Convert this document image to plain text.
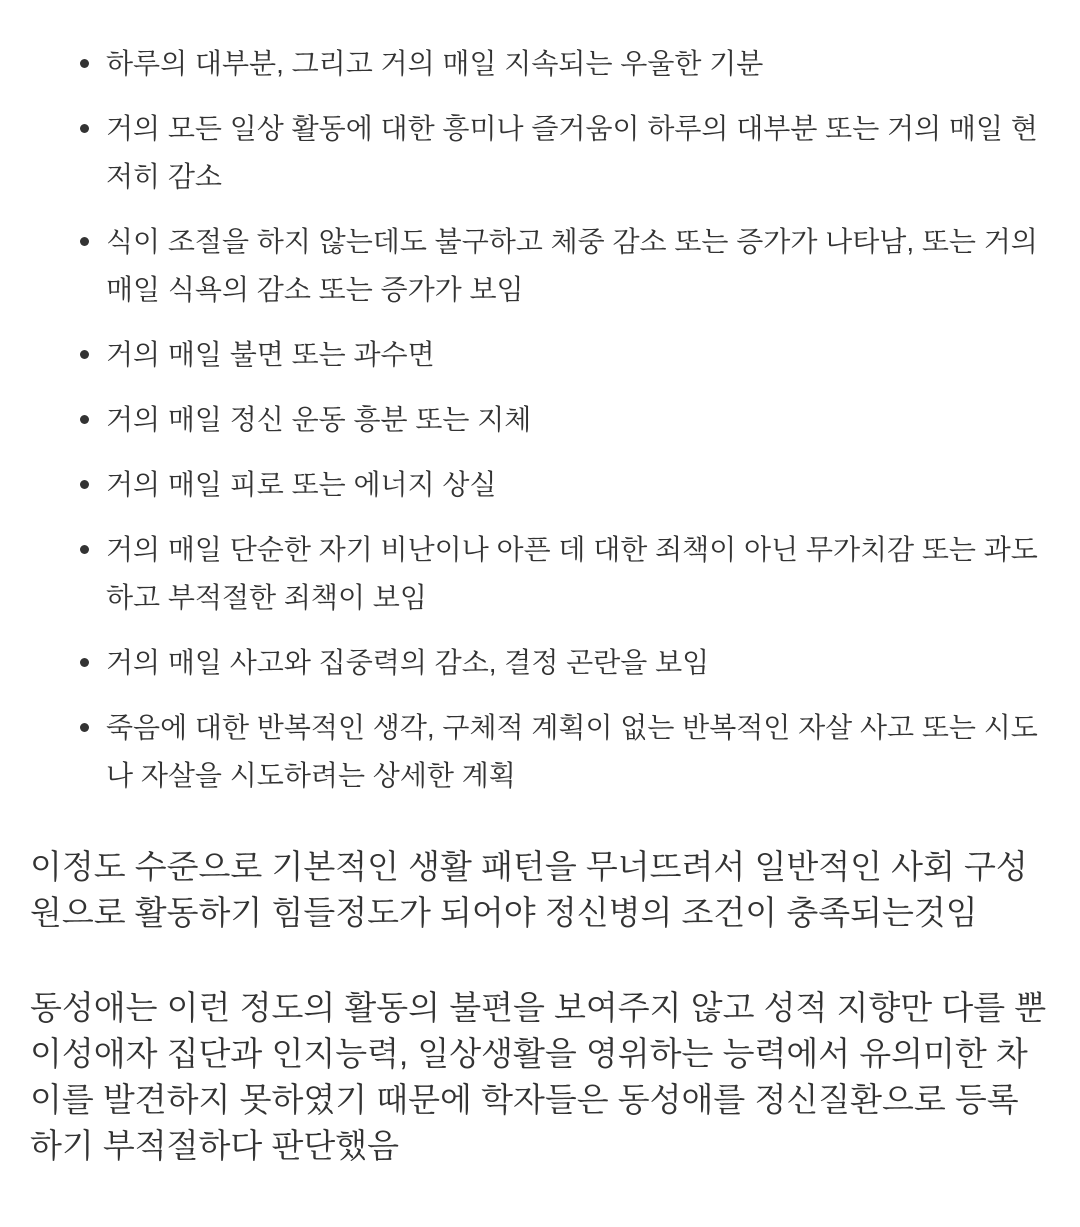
하루의 대부분, 그리고 거의 매일 지속되는 우울한 기분
거의 모든 일상 활동에 대한 흥미나 즐거움이 하루의 대부분 또는 거의 매일 현저히 감소
식이 조절을 하지 않는데도 불구하고 체중 감소 또는 증가가 나타남, 또는 거의 매일 식욕의 감소 또는 증가가 보임
거의 매일 불면 또는 과수면
거의 매일 정신 운동 흥분 또는 지체
거의 매일 피로 또는 에너지 상실
거의 매일 단순한 자기 비난이나 아픈 데 대한 죄책이 아닌 무가치감 또는 과도하고 부적절한 죄책이 보임
거의 매일 사고와 집중력의 감소, 결정 곤란을 보임
죽음에 대한 반복적인 생각, 구체적 계획이 없는 반복적인 자살 사고 또는 시도나 자살을 시도하려는 상세한 계획

이정도 수준으로 기본적인 생활 패턴을 무너뜨려서 일반적인 사회 구성원으로 활동하기 힘들정도가 되어야 정신병의 조건이 충족되는것임

동성애는 이런 정도의 활동의 불편을 보여주지 않고 성적 지향만 다를 뿐 이성애자 집단과 인지능력, 일상생활을 영위하는 능력에서 유의미한 차이를 발견하지 못하였기 때문에 학자들은 동성애를 정신질환으로 등록하기 부적절하다 판단했음
